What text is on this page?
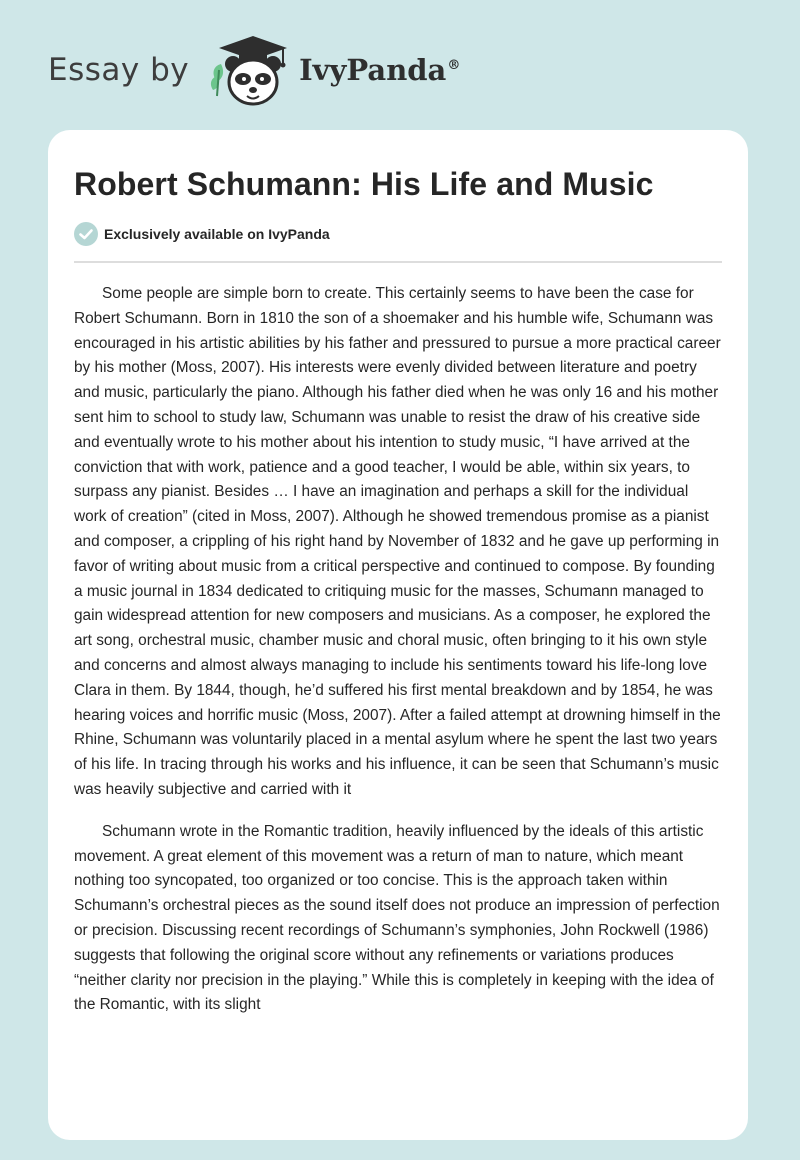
Essay by	IvyPanda®
Robert Schumann: His Life and Music
Exclusively available on IvyPanda

Some people are simple born to create. This certainly seems to have been the case for Robert Schumann. Born in 1810 the son of a shoemaker and his humble wife, Schumann was encouraged in his artistic abilities by his father and pressured to pursue a more practical career by his mother (Moss, 2007). His interests were evenly divided between literature and poetry and music, particularly the piano. Although his father died when he was only 16 and his mother sent him to school to study law, Schumann was unable to resist the draw of his creative side and eventually wrote to his mother about his intention to study music, “I have arrived at the conviction that with work, patience and a good teacher, I would be able, within six years, to surpass any pianist. Besides … I have an imagination and perhaps a skill for the individual work of creation” (cited in Moss, 2007). Although he showed tremendous promise as a pianist and composer, a crippling of his right hand by November of 1832 and he gave up performing in favor of writing about music from a critical perspective and continued to compose. By founding a music journal in 1834 dedicated to critiquing music for the masses, Schumann managed to gain widespread attention for new composers and musicians. As a composer, he explored the art song, orchestral music, chamber music and choral music, often bringing to it his own style and concerns and almost always managing to include his sentiments toward his life-long love Clara in them. By 1844, though, he’d suffered his first mental breakdown and by 1854, he was hearing voices and horrific music (Moss, 2007). After a failed attempt at drowning himself in the Rhine, Schumann was voluntarily placed in a mental asylum where he spent the last two years of his life. In tracing through his works and his influence, it can be seen that Schumann’s music was heavily subjective and carried with it

Schumann wrote in the Romantic tradition, heavily influenced by the ideals of this artistic movement. A great element of this movement was a return of man to nature, which meant nothing too syncopated, too organized or too concise. This is the approach taken within Schumann’s orchestral pieces as the sound itself does not produce an impression of perfection or precision. Discussing recent recordings of Schumann’s symphonies, John Rockwell (1986) suggests that following the original score without any refinements or variations produces “neither clarity nor precision in the playing.” While this is completely in keeping with the idea of the Romantic, with its slight
